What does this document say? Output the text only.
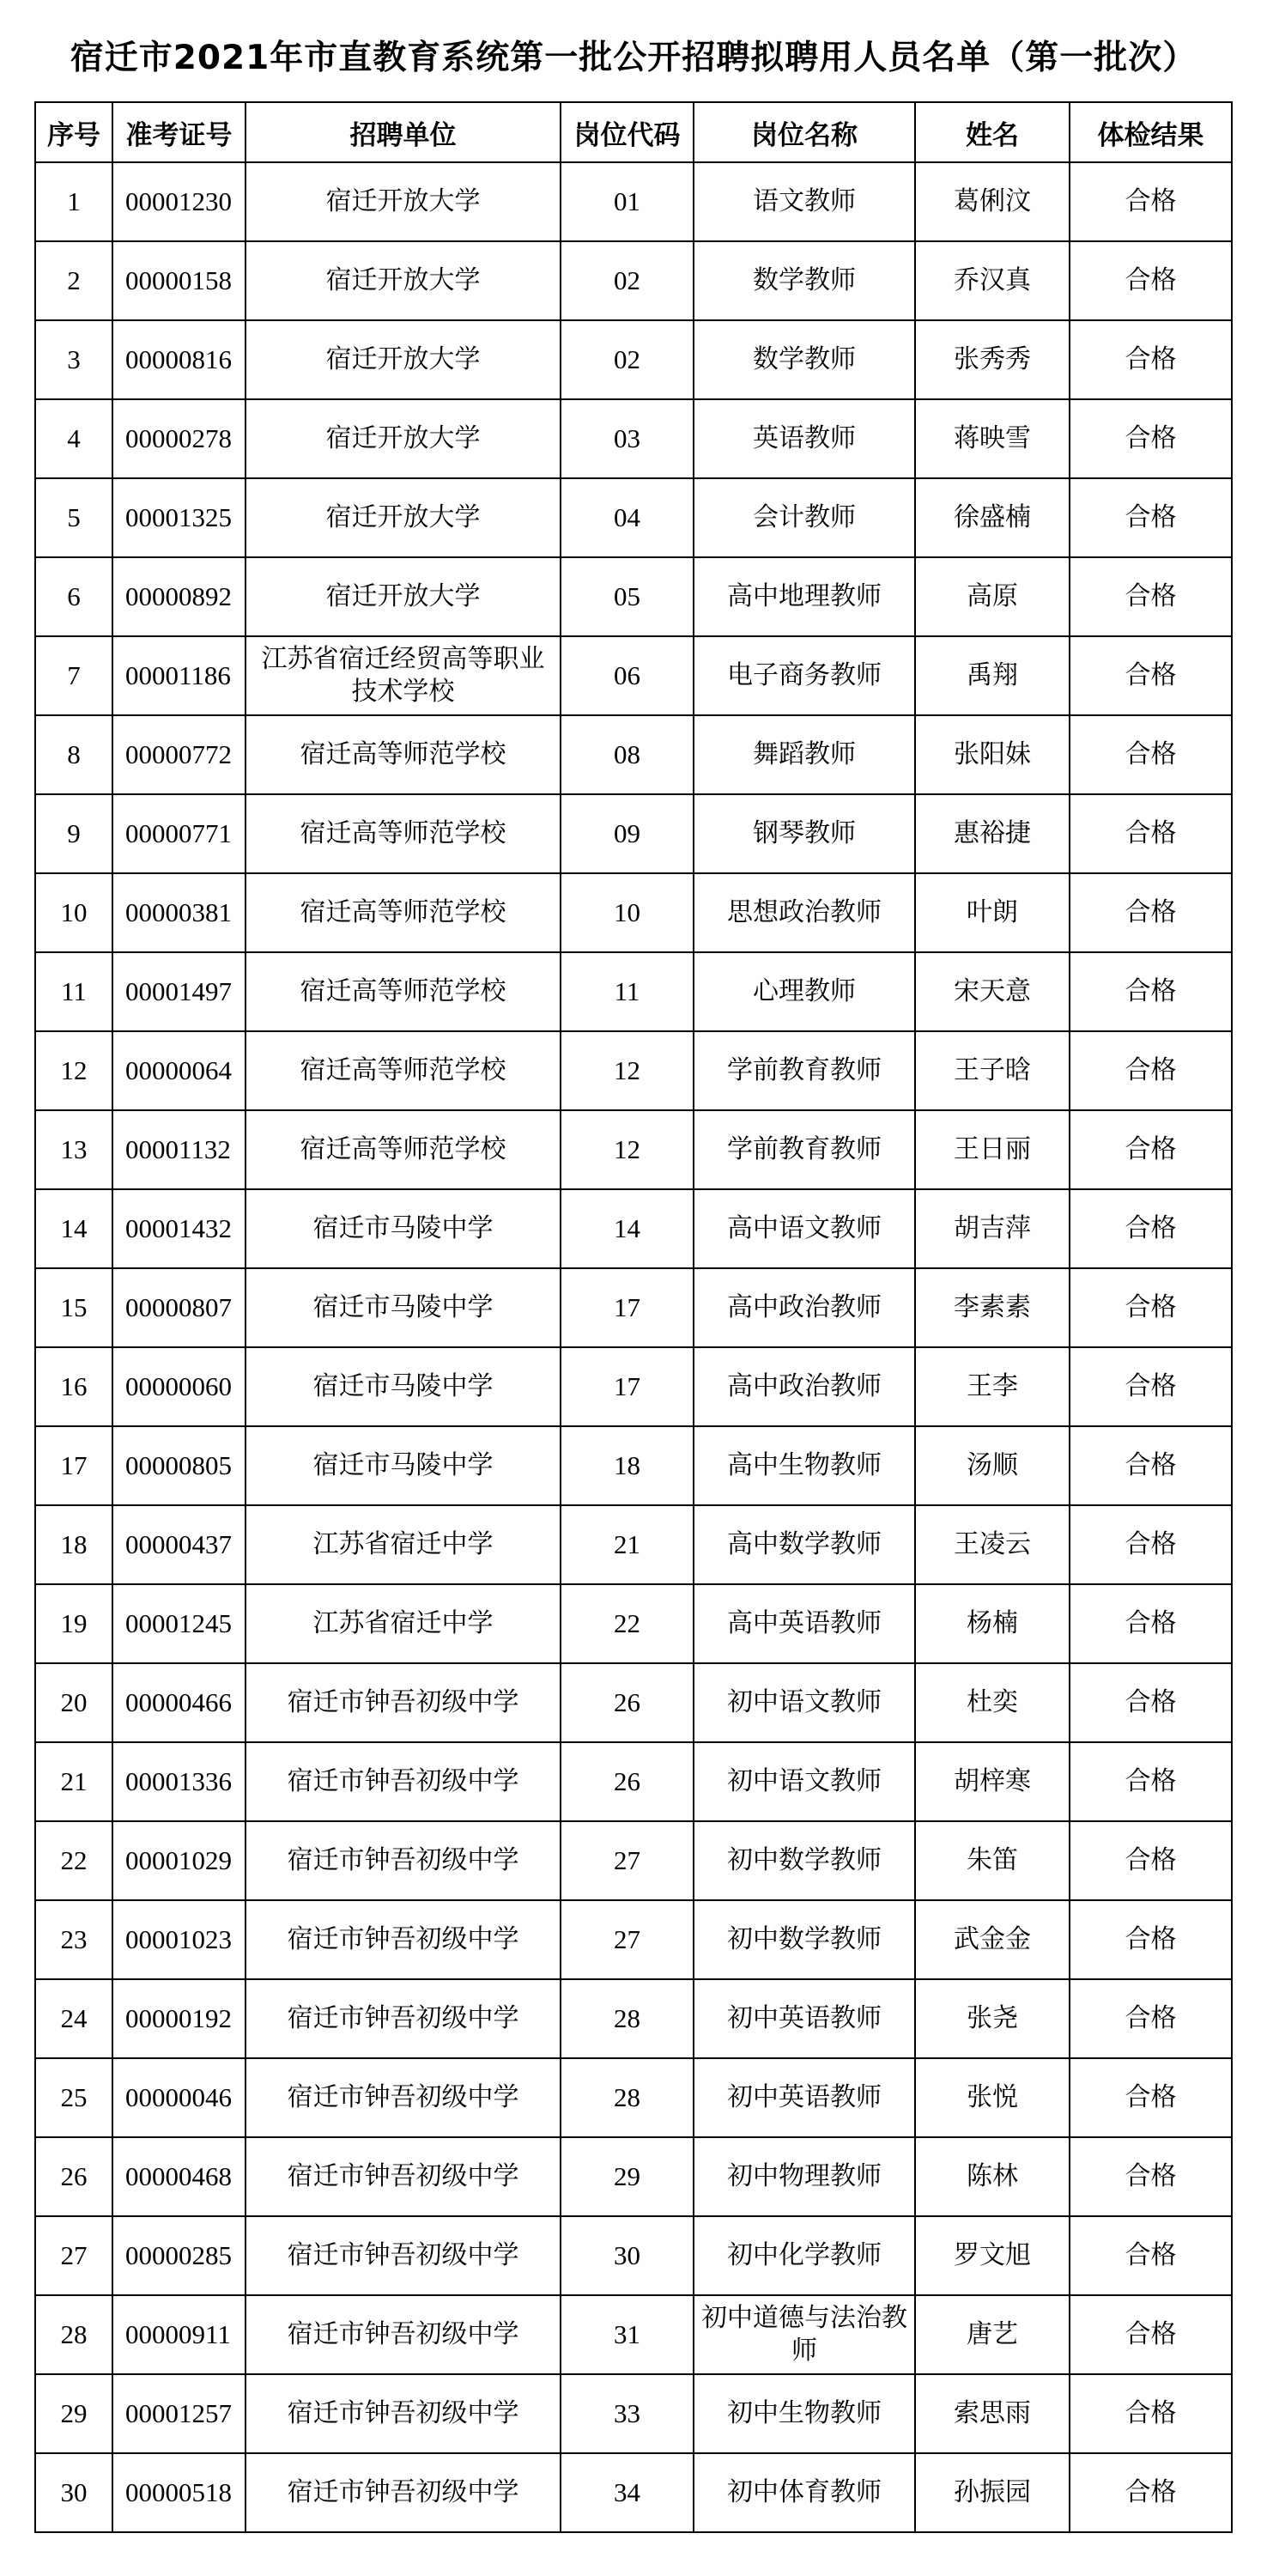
宿迁市2021年市直教育系统第一批公开招聘拟聘用人员名单（第一批次）
序号	准考证号	招聘单位	岗位代码	岗位名称	姓名	体检结果
1	00001230	宿迁开放大学	01	语文教师	葛俐汶	合格
2	00000158	宿迁开放大学	02	数学教师	乔汉真	合格
3	00000816	宿迁开放大学	02	数学教师	张秀秀	合格
4	00000278	宿迁开放大学	03	英语教师	蒋映雪	合格
5	00001325	宿迁开放大学	04	会计教师	徐盛楠	合格
6	00000892	宿迁开放大学	05	高中地理教师	高原	合格
7	00001186	江苏省宿迁经贸高等职业技术学校	06	电子商务教师	禹翔	合格
8	00000772	宿迁高等师范学校	08	舞蹈教师	张阳妹	合格
9	00000771	宿迁高等师范学校	09	钢琴教师	惠裕捷	合格
10	00000381	宿迁高等师范学校	10	思想政治教师	叶朗	合格
11	00001497	宿迁高等师范学校	11	心理教师	宋天意	合格
12	00000064	宿迁高等师范学校	12	学前教育教师	王子晗	合格
13	00001132	宿迁高等师范学校	12	学前教育教师	王日丽	合格
14	00001432	宿迁市马陵中学	14	高中语文教师	胡吉萍	合格
15	00000807	宿迁市马陵中学	17	高中政治教师	李素素	合格
16	00000060	宿迁市马陵中学	17	高中政治教师	王李	合格
17	00000805	宿迁市马陵中学	18	高中生物教师	汤顺	合格
18	00000437	江苏省宿迁中学	21	高中数学教师	王凌云	合格
19	00001245	江苏省宿迁中学	22	高中英语教师	杨楠	合格
20	00000466	宿迁市钟吾初级中学	26	初中语文教师	杜奕	合格
21	00001336	宿迁市钟吾初级中学	26	初中语文教师	胡梓寒	合格
22	00001029	宿迁市钟吾初级中学	27	初中数学教师	朱笛	合格
23	00001023	宿迁市钟吾初级中学	27	初中数学教师	武金金	合格
24	00000192	宿迁市钟吾初级中学	28	初中英语教师	张尧	合格
25	00000046	宿迁市钟吾初级中学	28	初中英语教师	张悦	合格
26	00000468	宿迁市钟吾初级中学	29	初中物理教师	陈林	合格
27	00000285	宿迁市钟吾初级中学	30	初中化学教师	罗文旭	合格
28	00000911	宿迁市钟吾初级中学	31	初中道德与法治教师	唐艺	合格
29	00001257	宿迁市钟吾初级中学	33	初中生物教师	索思雨	合格
30	00000518	宿迁市钟吾初级中学	34	初中体育教师	孙振园	合格
